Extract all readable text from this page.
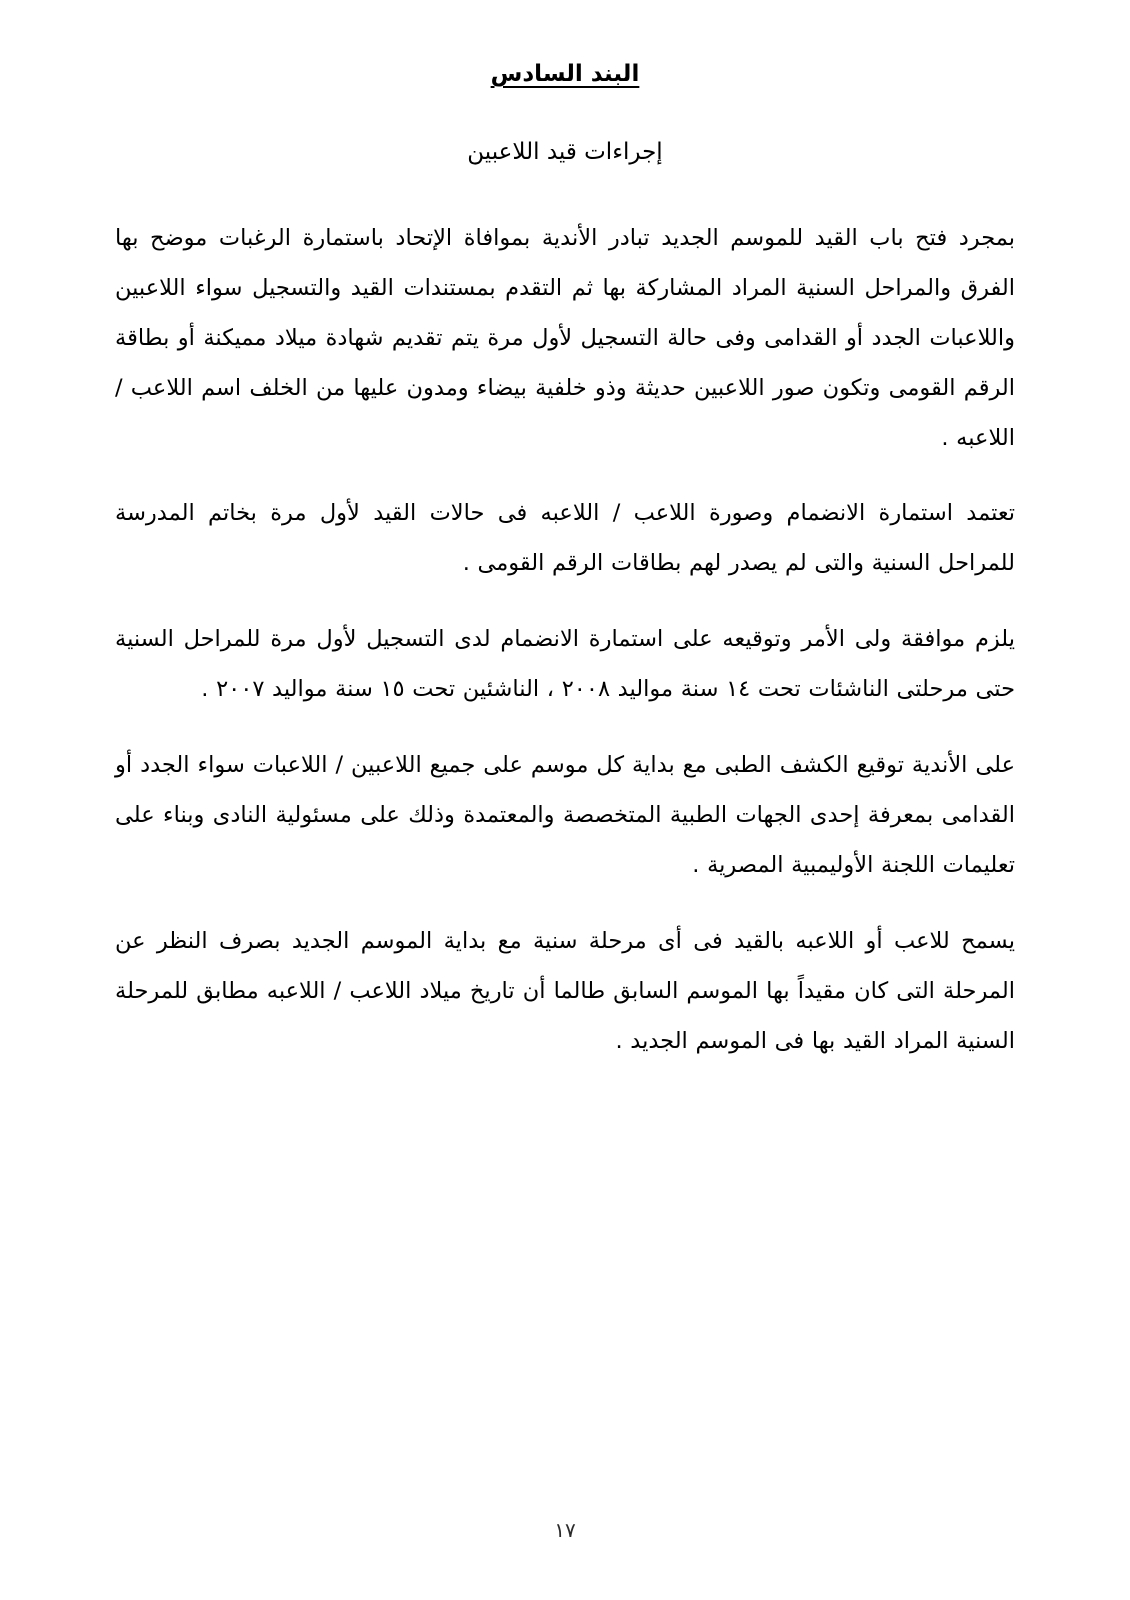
البند السادس
إجراءات قيد اللاعبين

بمجرد فتح باب القيد للموسم الجديد تبادر الأندية بموافاة الإتحاد باستمارة الرغبات موضح بها الفرق والمراحل السنية المراد المشاركة بها ثم التقدم بمستندات القيد والتسجيل سواء اللاعبين واللاعبات الجدد أو القدامى وفى حالة التسجيل لأول مرة يتم تقديم شهادة ميلاد مميكنة أو بطاقة الرقم القومى وتكون صور اللاعبين حديثة وذو خلفية بيضاء ومدون عليها من الخلف اسم اللاعب / اللاعبه .

تعتمد استمارة الانضمام وصورة اللاعب / اللاعبه فى حالات القيد لأول مرة بخاتم المدرسة للمراحل السنية والتى لم يصدر لهم بطاقات الرقم القومى .

يلزم موافقة ولى الأمر وتوقيعه على استمارة الانضمام لدى التسجيل لأول مرة للمراحل السنية حتى مرحلتى الناشئات تحت ١٤ سنة مواليد ٢٠٠٨ ، الناشئين تحت ١٥ سنة مواليد ٢٠٠٧ .

على الأندية توقيع الكشف الطبى مع بداية كل موسم على جميع اللاعبين / اللاعبات سواء الجدد أو القدامى بمعرفة إحدى الجهات الطبية المتخصصة والمعتمدة وذلك على مسئولية النادى وبناء على تعليمات اللجنة الأوليمبية المصرية .

يسمح للاعب أو اللاعبه بالقيد فى أى مرحلة سنية مع بداية الموسم الجديد بصرف النظر عن المرحلة التى كان مقيداً بها الموسم السابق طالما أن تاريخ ميلاد اللاعب / اللاعبه مطابق للمرحلة السنية المراد القيد بها فى الموسم الجديد .

١٧
